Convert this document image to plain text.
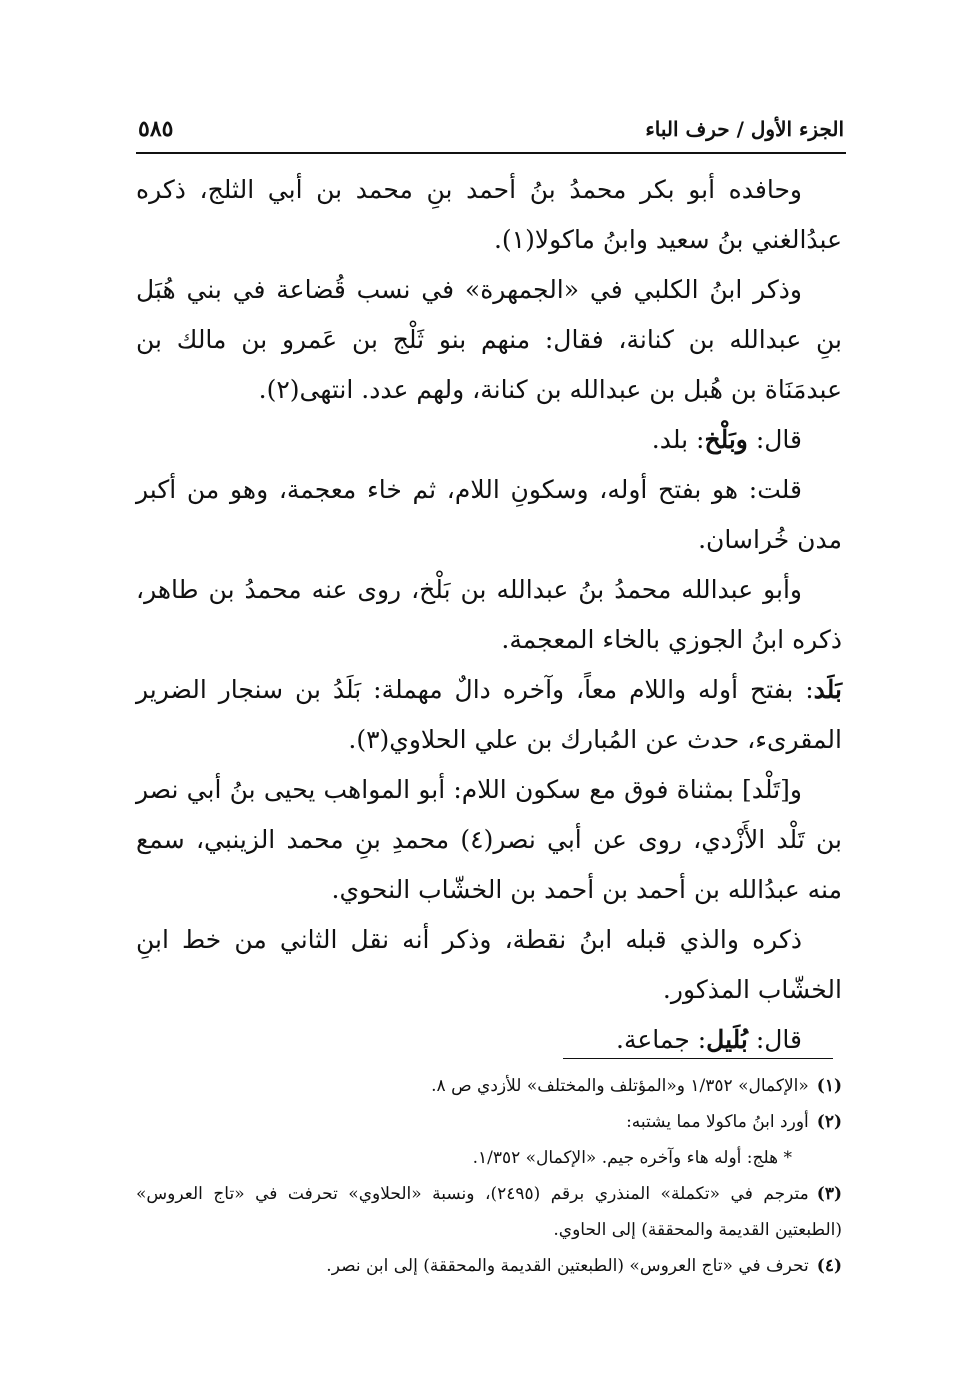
الجزء الأول / حرف الباء
٥٨٥

وحافده أبو بكر محمدُ بنُ أحمد بنِ محمد بن أبي الثلج، ذكره عبدُالغني بنُ سعيد وابنُ ماكولا(١).

وذكر ابنُ الكلبي في «الجمهرة» في نسب قُضاعة في بني هُبَل بنِ عبدالله بن كنانة، فقال: منهم بنو ثَلْج بن عَمرو بن مالك بن عبدمَنَاة بن هُبل بن عبدالله بن كنانة، ولهم عدد. انتهى(٢).

قال: وبَلْخ: بلد.

قلت: هو بفتح أوله، وسكونِ اللام، ثم خاء معجمة، وهو من أكبر مدن خُراسان.

وأبو عبدالله محمدُ بنُ عبدالله بن بَلْخ، روى عنه محمدُ بن طاهر، ذكره ابنُ الجوزي بالخاء المعجمة.

بَلَد: بفتح أوله واللام معاً، وآخره دالٌ مهملة: بَلَدُ بن سنجار الضرير المقرىء، حدث عن المُبارك بن علي الحلاوي(٣).

و[تَلْد] بمثناة فوق مع سكون اللام: أبو المواهب يحيى بنُ أبي نصر بن تَلْد الأَزْدي، روى عن أبي نصر(٤) محمدِ بنِ محمد الزينبي، سمع منه عبدُالله بن أحمد بن أحمد بن الخشّاب النحوي.

ذكره والذي قبله ابنُ نقطة، وذكر أنه نقل الثاني من خط ابنِ الخشّاب المذكور.

قال: بُلَيل: جماعة.

(١)«الإكمال» ١/٣٥٢ و«المؤتلف والمختلف» للأزدي ص ٨.

(٢)أورد ابنُ ماكولا مما يشتبه:

* هلج: أوله هاء وآخره جيم. «الإكمال» ١/٣٥٢.

(٣)مترجم في «تكملة» المنذري برقم (٢٤٩٥)، ونسبة «الحلاوي» تحرفت في «تاج العروس» (الطبعتين القديمة والمحققة) إلى الحاوي.

(٤)تحرف في «تاج العروس» (الطبعتين القديمة والمحققة) إلى ابن نصر.
